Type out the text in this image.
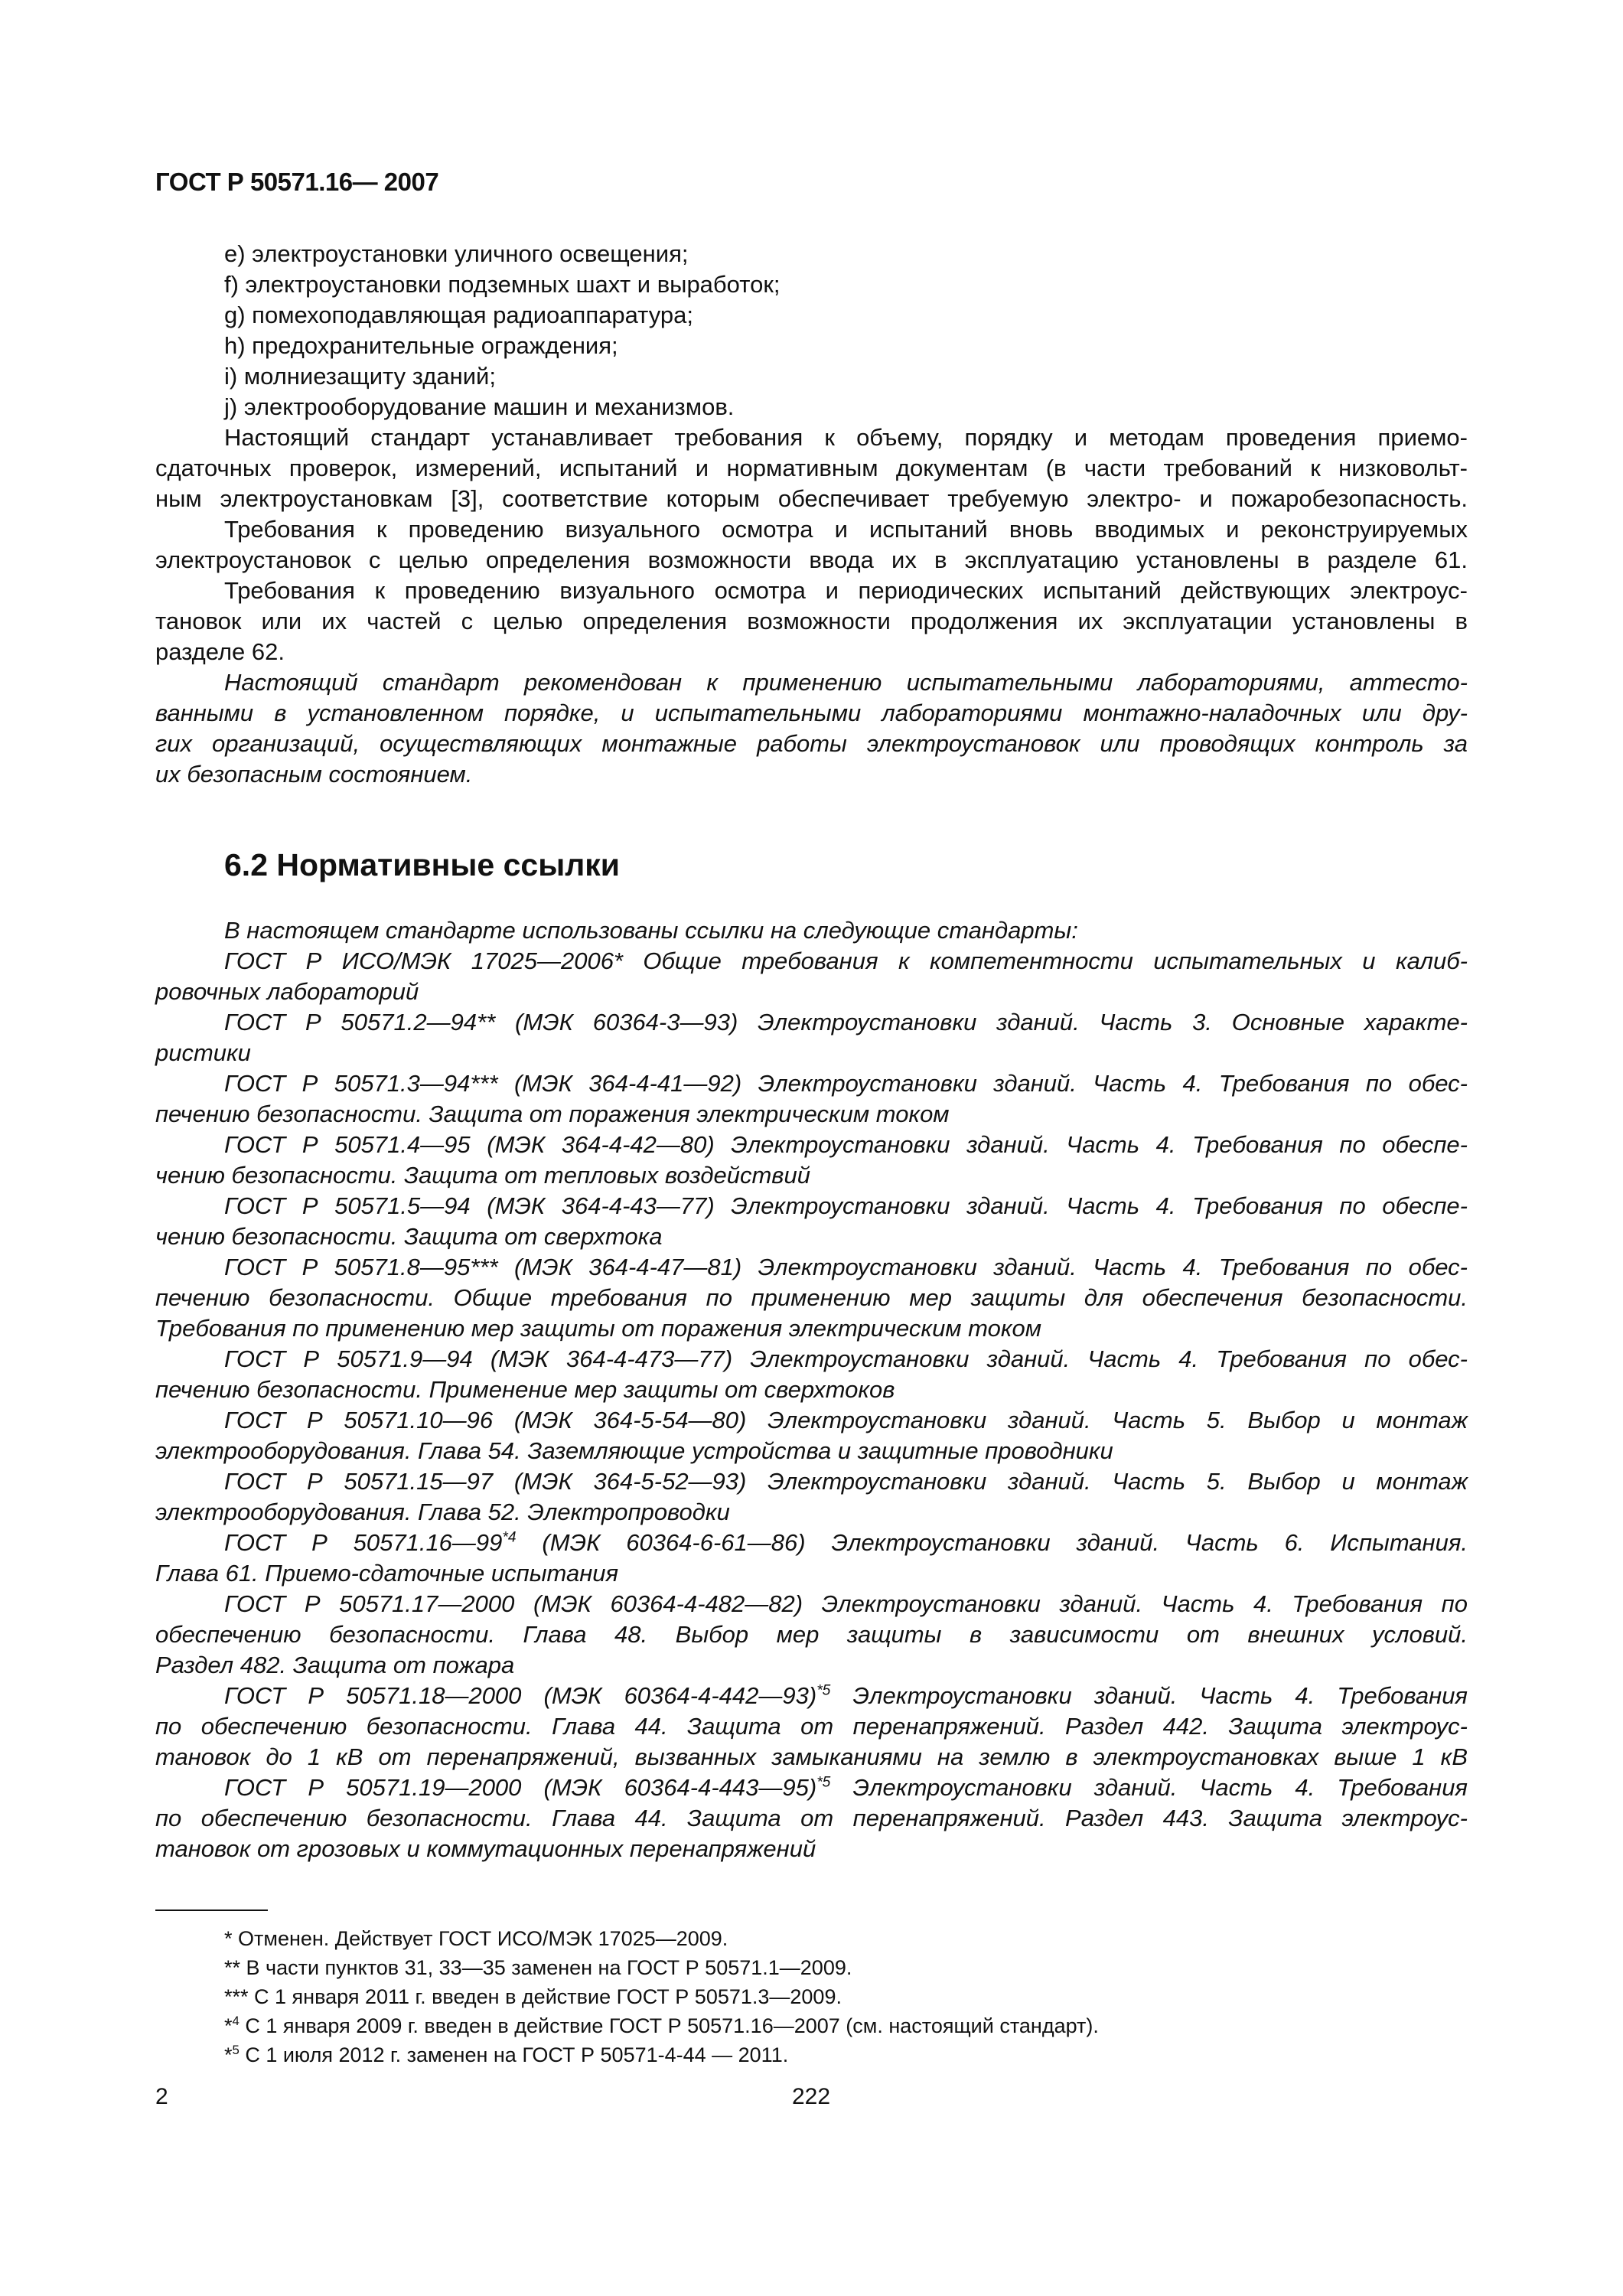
ГОСТ Р 50571.16— 2007
e) электроустановки уличного освещения;
f) электроустановки подземных шахт и выработок;
g) помехоподавляющая радиоаппаратура;
h) предохранительные ограждения;
i) молниезащиту зданий;
j) электрооборудование машин и механизмов.
Настоящий стандарт устанавливает требования к объему, порядку и методам проведения приемо-
сдаточных проверок, измерений, испытаний и нормативным документам (в части требований к низковольт-
ным электроустановкам [3], соответствие которым обеспечивает требуемую электро- и пожаробезопасность.
Требования к проведению визуального осмотра и испытаний вновь вводимых и реконструируемых
электроустановок с целью определения возможности ввода их в эксплуатацию установлены в разделе 61.
Требования к проведению визуального осмотра и периодических испытаний действующих электроус-
тановок или их частей с целью определения возможности продолжения их эксплуатации установлены в
разделе 62.
Настоящий стандарт рекомендован к применению испытательными лабораториями, аттесто-
ванными в установленном порядке, и испытательными лабораториями монтажно-наладочных или дру-
гих организаций, осуществляющих монтажные работы электроустановок или проводящих контроль за
их безопасным состоянием.
6.2 Нормативные ссылки
В настоящем стандарте использованы ссылки на следующие стандарты:
ГОСТ Р ИСО/МЭК 17025—2006* Общие требования к компетентности испытательных и калиб-
ровочных лабораторий
ГОСТ Р 50571.2—94** (МЭК 60364-3—93) Электроустановки зданий. Часть 3. Основные характе-
ристики
ГОСТ Р 50571.3—94*** (МЭК 364-4-41—92) Электроустановки зданий. Часть 4. Требования по обес-
печению безопасности. Защита от поражения электрическим током
ГОСТ Р 50571.4—95 (МЭК 364-4-42—80) Электроустановки зданий. Часть 4. Требования по обеспе-
чению безопасности. Защита от тепловых воздействий
ГОСТ Р 50571.5—94 (МЭК 364-4-43—77) Электроустановки зданий. Часть 4. Требования по обеспе-
чению безопасности. Защита от сверхтока
ГОСТ Р 50571.8—95*** (МЭК 364-4-47—81) Электроустановки зданий. Часть 4. Требования по обес-
печению безопасности. Общие требования по применению мер защиты для обеспечения безопасности.
Требования по применению мер защиты от поражения электрическим током
ГОСТ Р 50571.9—94 (МЭК 364-4-473—77) Электроустановки зданий. Часть 4. Требования по обес-
печению безопасности. Применение мер защиты от сверхтоков
ГОСТ Р 50571.10—96 (МЭК 364-5-54—80) Электроустановки зданий. Часть 5. Выбор и монтаж
электрооборудования. Глава 54. Заземляющие устройства и защитные проводники
ГОСТ Р 50571.15—97 (МЭК 364-5-52—93) Электроустановки зданий. Часть 5. Выбор и монтаж
электрооборудования. Глава 52. Электропроводки
ГОСТ Р 50571.16—99$^{*4}$ (МЭК 60364-6-61—86) Электроустановки зданий. Часть 6. Испытания.
Глава 61. Приемо-сдаточные испытания
ГОСТ Р 50571.17—2000 (МЭК 60364-4-482—82) Электроустановки зданий. Часть 4. Требования по
обеспечению безопасности. Глава 48. Выбор мер защиты в зависимости от внешних условий.
Раздел 482. Защита от пожара
ГОСТ Р 50571.18—2000 (МЭК 60364-4-442—93)$^{*5}$ Электроустановки зданий. Часть 4. Требования
по обеспечению безопасности. Глава 44. Защита от перенапряжений. Раздел 442. Защита электроус-
тановок до 1 кВ от перенапряжений, вызванных замыканиями на землю в электроустановках выше 1 кВ
ГОСТ Р 50571.19—2000 (МЭК 60364-4-443—95)$^{*5}$ Электроустановки зданий. Часть 4. Требования
по обеспечению безопасности. Глава 44. Защита от перенапряжений. Раздел 443. Защита электроус-
тановок от грозовых и коммутационных перенапряжений
* Отменен. Действует ГОСТ ИСО/МЭК 17025—2009.
** В части пунктов 31, 33—35 заменен на ГОСТ Р 50571.1—2009.
*** С 1 января 2011 г. введен в действие ГОСТ Р 50571.3—2009.
*$^4$ С 1 января 2009 г. введен в действие ГОСТ Р 50571.16—2007 (см. настоящий стандарт).
*$^5$ С 1 июля 2012 г. заменен на ГОСТ Р 50571-4-44 — 2011.
2	222
